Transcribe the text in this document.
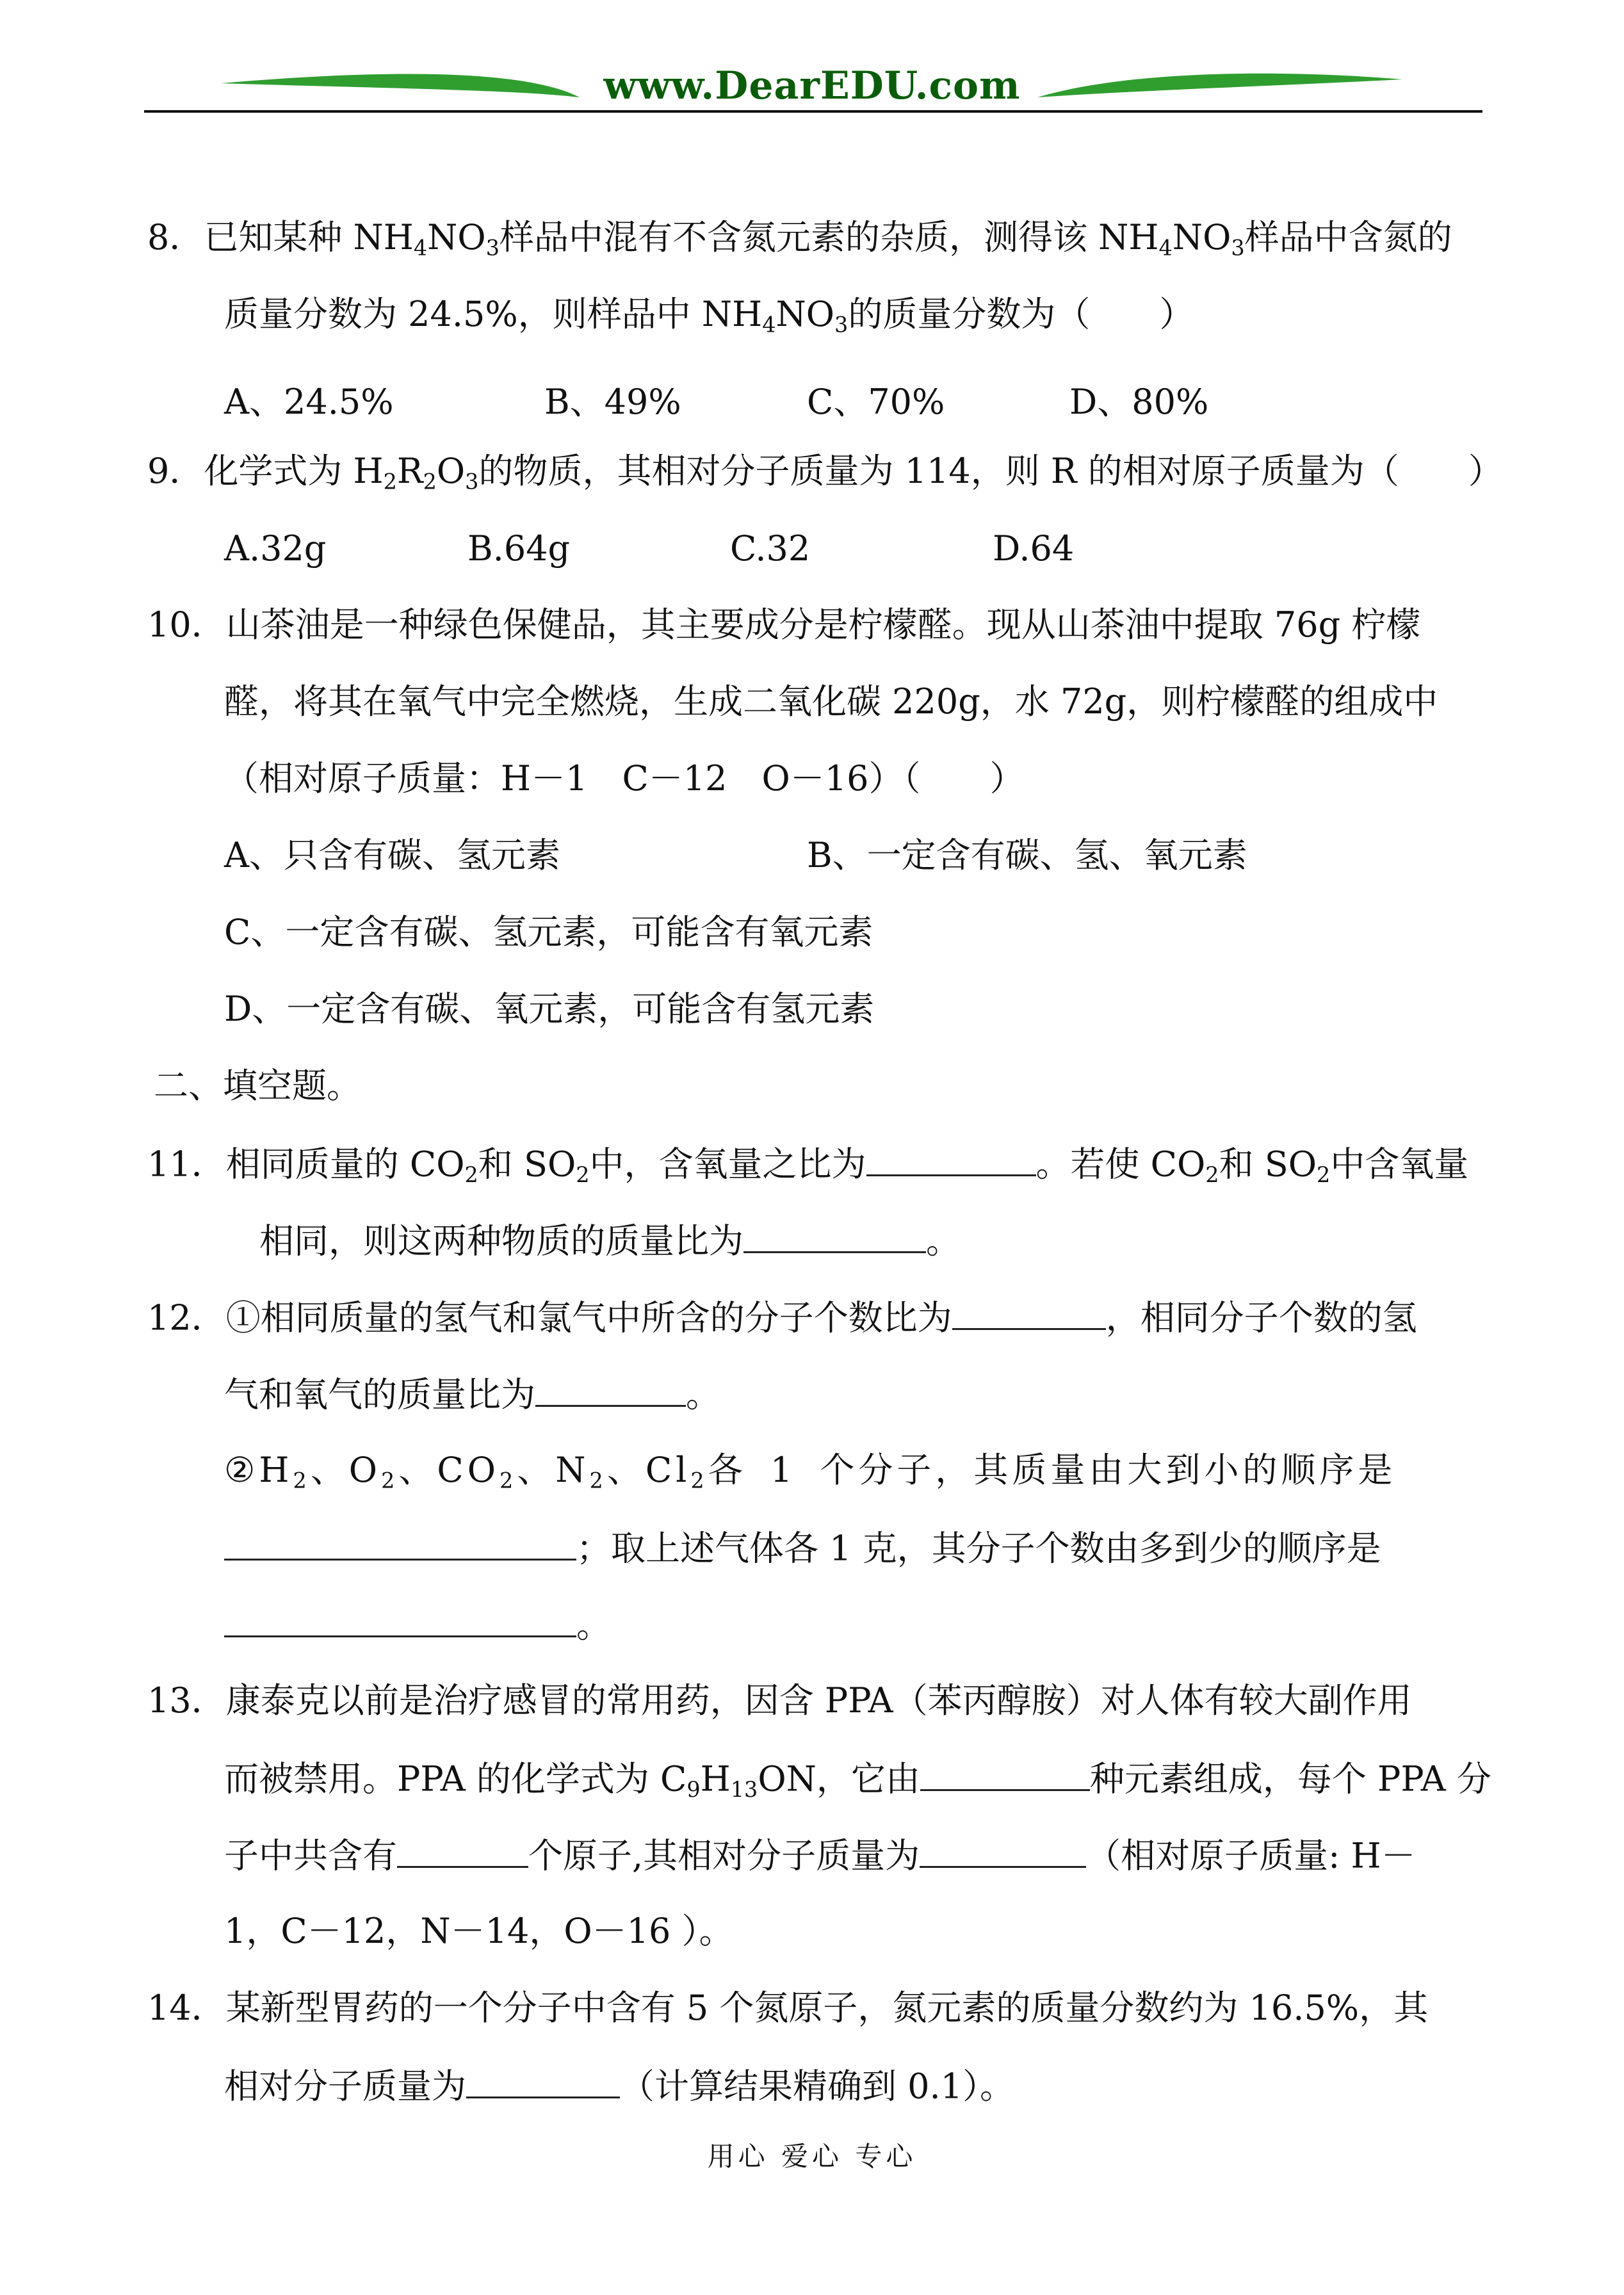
www.DearEDU.com
8．已知某种 $NH_4NO_3$样品中混有不含氮元素的杂质，测得该 $NH_4NO_3$样品中含氮的
质量分数为 24.5%，则样品中 $NH_4NO_3$的质量分数为（　　）
A、24.5%	B、49%	C、70%	D、80%
9．化学式为 $H_2R_2O_3$的物质，其相对分子质量为 114，则 R 的相对原子质量为（　　）
A.32g	B.64g	C.32	D.64
10．山茶油是一种绿色保健品，其主要成分是柠檬醛。现从山茶油中提取 76g 柠檬
醛，将其在氧气中完全燃烧，生成二氧化碳 220g，水 72g，则柠檬醛的组成中
（相对原子质量：H－1　C－12　O－16）（　　）
A、只含有碳、氢元素	B、一定含有碳、氢、氧元素
C、一定含有碳、氢元素，可能含有氧元素
D、一定含有碳、氧元素，可能含有氢元素
二、填空题。
11．相同质量的 $CO_2$和 $SO_2$中，含氧量之比为	。若使 $CO_2$和 $SO_2$中含氧量
相同，则这两种物质的质量比为	。
12．①相同质量的氢气和氯气中所含的分子个数比为	，相同分子个数的氢
气和氧气的质量比为	。
$②H_2$、$O_2$、$CO_2$、$N_2$、$Cl_2$各 1 个分子，其质量由大到小的顺序是
；取上述气体各 1 克，其分子个数由多到少的顺序是
。
13．康泰克以前是治疗感冒的常用药，因含 PPA（苯丙醇胺）对人体有较大副作用
而被禁用。PPA 的化学式为 $C_9H_{13}ON$，它由	种元素组成，每个 PPA 分
子中共含有	个原子,其相对分子质量为	（相对原子质量: H－
1，C－12，N－14，O－16 ）。
14．某新型胃药的一个分子中含有 5 个氮原子，氮元素的质量分数约为 16.5%，其
相对分子质量为	（计算结果精确到 0.1）。
用心 爱心 专心
